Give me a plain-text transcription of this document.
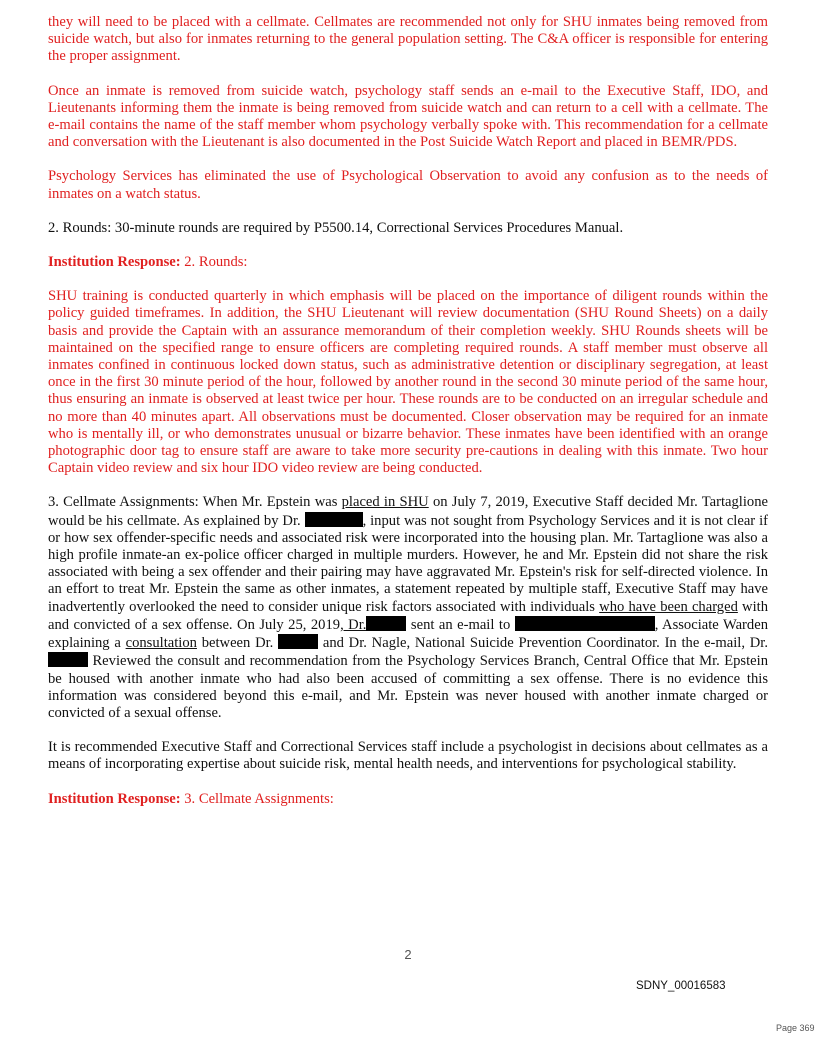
they will need to be placed with a cellmate. Cellmates are recommended not only for SHU inmates being removed from suicide watch, but also for inmates returning to the general population setting. The C&A officer is responsible for entering the proper assignment.

Once an inmate is removed from suicide watch, psychology staff sends an e-mail to the Executive Staff, IDO, and Lieutenants informing them the inmate is being removed from suicide watch and can return to a cell with a cellmate. The e-mail contains the name of the staff member whom psychology verbally spoke with. This recommendation for a cellmate and conversation with the Lieutenant is also documented in the Post Suicide Watch Report and placed in BEMR/PDS.

Psychology Services has eliminated the use of Psychological Observation to avoid any confusion as to the needs of inmates on a watch status.

2. Rounds: 30-minute rounds are required by P5500.14, Correctional Services Procedures Manual.

Institution Response: 2. Rounds:

SHU training is conducted quarterly in which emphasis will be placed on the importance of diligent rounds within the policy guided timeframes. In addition, the SHU Lieutenant will review documentation (SHU Round Sheets) on a daily basis and provide the Captain with an assurance memorandum of their completion weekly. SHU Rounds sheets will be maintained on the specified range to ensure officers are completing required rounds. A staff member must observe all inmates confined in continuous locked down status, such as administrative detention or disciplinary segregation, at least once in the first 30 minute period of the hour, followed by another round in the second 30 minute period of the same hour, thus ensuring an inmate is observed at least twice per hour. These rounds are to be conducted on an irregular schedule and no more than 40 minutes apart. All observations must be documented. Closer observation may be required for an inmate who is mentally ill, or who demonstrates unusual or bizarre behavior. These inmates have been identified with an orange photographic door tag to ensure staff are aware to take more security pre-cautions in dealing with this inmate. Two hour Captain video review and six hour IDO video review are being conducted.

3. Cellmate Assignments: When Mr. Epstein was placed in SHU on July 7, 2019, Executive Staff decided Mr. Tartaglione would be his cellmate. As explained by Dr.	, input was not sought from Psychology Services and it is not clear if or how sex offender-specific needs and associated risk were incorporated into the housing plan. Mr. Tartaglione was also a high profile inmate-an ex-police officer charged in multiple murders. However, he and Mr. Epstein did not share the risk associated with being a sex offender and their pairing may have aggravated Mr. Epstein's risk for self-directed violence. In an effort to treat Mr. Epstein the same as other inmates, a statement repeated by multiple staff, Executive Staff may have inadvertently overlooked the need to consider unique risk factors associated with individuals who have been charged with and convicted of a sex offense. On July 25, 2019, Dr.	sent an e-mail to	, Associate Warden explaining a consultation between Dr.	and Dr. Nagle, National Suicide Prevention Coordinator. In the e-mail, Dr.  Reviewed the consult and recommendation from the Psychology Services Branch, Central Office that Mr. Epstein be housed with another inmate who had also been accused of committing a sex offense. There is no evidence this information was considered beyond this e-mail, and Mr. Epstein was never housed with another inmate charged or convicted of a sexual offense.

It is recommended Executive Staff and Correctional Services staff include a psychologist in decisions about cellmates as a means of incorporating expertise about suicide risk, mental health needs, and interventions for psychological stability.

Institution Response: 3. Cellmate Assignments:

2
SDNY_00016583
Page 369
